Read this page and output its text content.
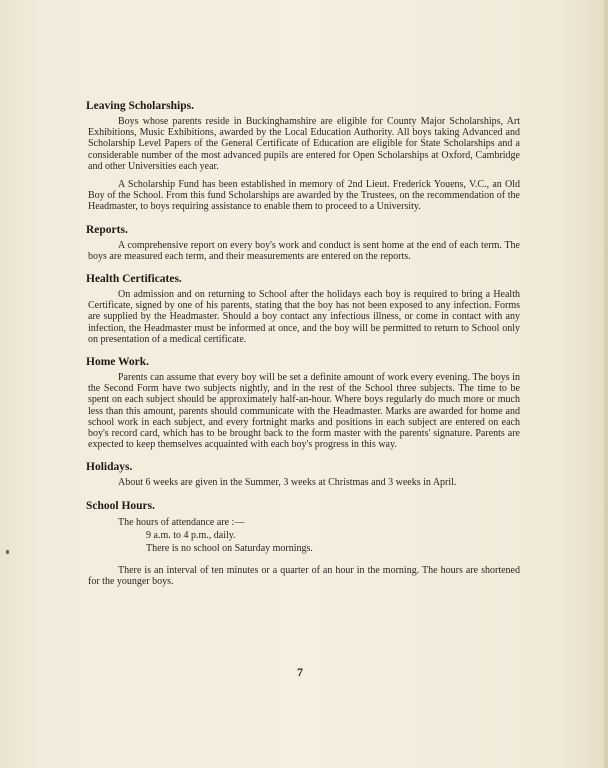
Leaving Scholarships.

Boys whose parents reside in Buckinghamshire are eligible for County Major Scholarships, Art Exhibitions, Music Exhibitions, awarded by the Local Education Authority. All boys taking Advanced and Scholarship Level Papers of the General Certificate of Education are eligible for State Scholarships and a considerable number of the most advanced pupils are entered for Open Scholarships at Oxford, Cambridge and other Universities each year.

A Scholarship Fund has been established in memory of 2nd Lieut. Frederick Youens, V.C., an Old Boy of the School. From this fund Scholarships are awarded by the Trustees, on the recommendation of the Headmaster, to boys requiring assistance to enable them to proceed to a University.

Reports.

A comprehensive report on every boy's work and conduct is sent home at the end of each term. The boys are measured each term, and their measurements are entered on the reports.

Health Certificates.

On admission and on returning to School after the holidays each boy is required to bring a Health Certificate, signed by one of his parents, stating that the boy has not been exposed to any infection. Forms are supplied by the Headmaster. Should a boy contact any infectious illness, or come in contact with any infection, the Headmaster must be informed at once, and the boy will be permitted to return to School only on presentation of a medical certificate.

Home Work.

Parents can assume that every boy will be set a definite amount of work every evening. The boys in the Second Form have two subjects nightly, and in the rest of the School three subjects. The time to be spent on each subject should be approximately half-an-hour. Where boys regularly do much more or much less than this amount, parents should communicate with the Headmaster. Marks are awarded for home and school work in each subject, and every fortnight marks and positions in each subject are entered on each boy's record card, which has to be brought back to the form master with the parents' signature. Parents are expected to keep themselves acquainted with each boy's progress in this way.

Holidays.

About 6 weeks are given in the Summer, 3 weeks at Christmas and 3 weeks in April.

School Hours.
The hours of attendance are :—
9 a.m. to 4 p.m., daily.
There is no school on Saturday mornings.

There is an interval of ten minutes or a quarter of an hour in the morning. The hours are shortened for the younger boys.

7
